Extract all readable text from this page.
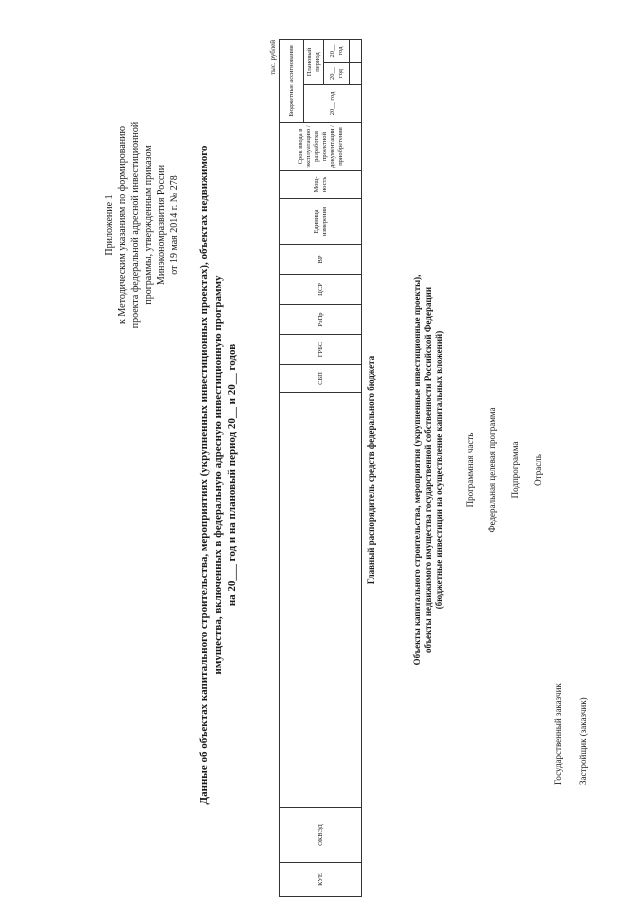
Приложение 1 к Методическим указаниям по формированию проекта федеральной адресной инвестиционной программы, утвержденным приказом Минэкономразвития России от 19 мая 2014 г. № 278 Данные об объектах капитального строительства, мероприятиях (укрупненных инвестиционных проектах), объектах недвижимого имущества, включенных в федеральную адресную инвестиционную программу на 20___ год и на плановый период 20__ и 20__ годов
тыс. рублей
КУЕ	ОКВЭД		СБП	ГРБС	РзПр	ЦСР	ВР	Единица измерения	Мощ-ность	Срок ввода в эксплуатацию / разработки проектной документации / приобретения	Бюджетные ассигнования		
											20__ год	Плановый период	
												20__ год	20__ год

Главный распорядитель средств федерального бюджета	Объекты капитального строительства, мероприятия (укрупненные инвестиционные проекты), объекты недвижимого имущества государственной собственности Российской Федерации (бюджетные инвестиции на осуществление капитальных вложений) Программная часть Федеральная целевая программа Подпрограмма Отрасль
Государственный заказчик Застройщик (заказчик)
